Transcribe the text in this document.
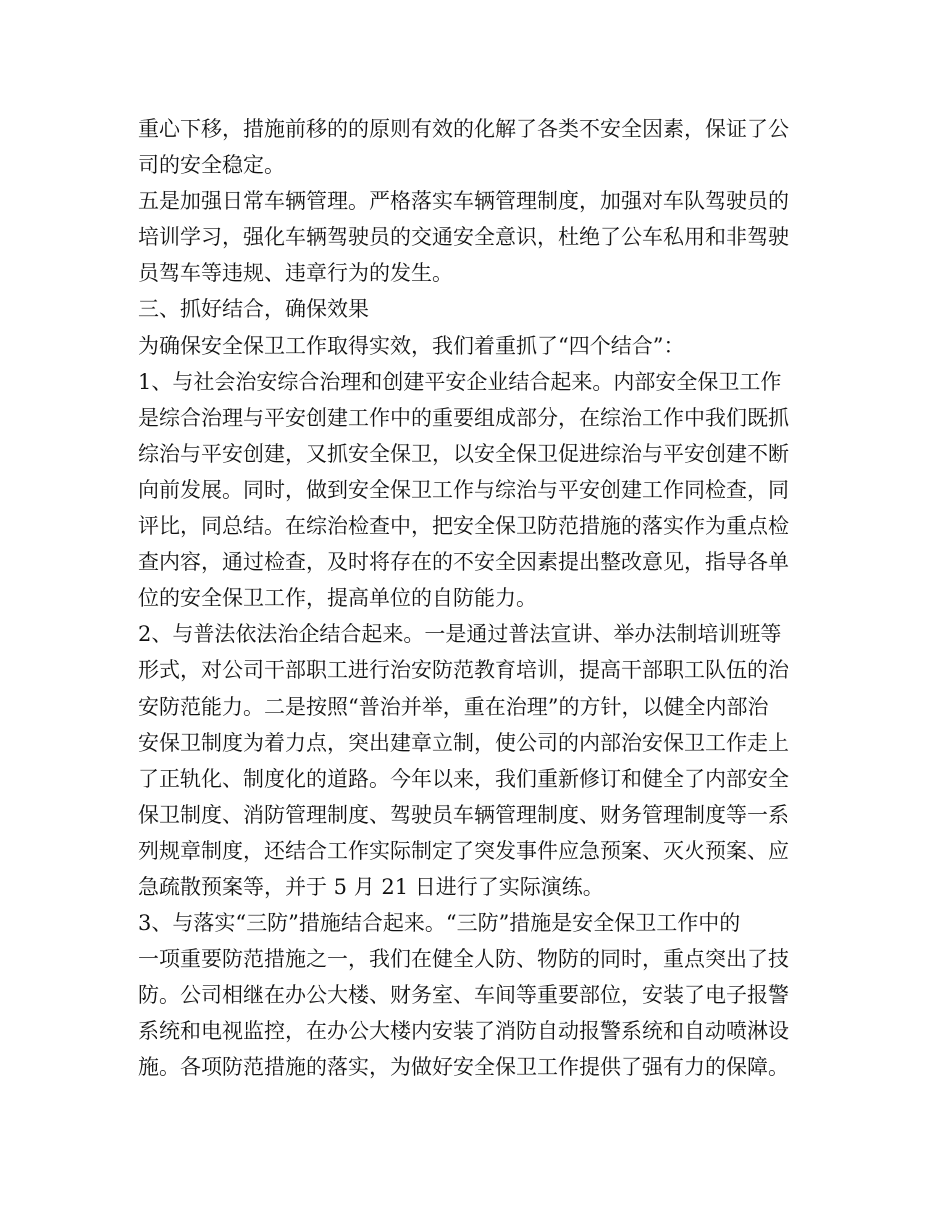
重心下移，措施前移的的原则有效的化解了各类不安全因素，保证了公
司的安全稳定。
五是加强日常车辆管理。严格落实车辆管理制度，加强对车队驾驶员的
培训学习，强化车辆驾驶员的交通安全意识，杜绝了公车私用和非驾驶
员驾车等违规、违章行为的发生。
三、抓好结合，确保效果
为确保安全保卫工作取得实效，我们着重抓了“四个结合”：
1、与社会治安综合治理和创建平安企业结合起来。内部安全保卫工作
是综合治理与平安创建工作中的重要组成部分，在综治工作中我们既抓
综治与平安创建，又抓安全保卫，以安全保卫促进综治与平安创建不断
向前发展。同时，做到安全保卫工作与综治与平安创建工作同检查，同
评比，同总结。在综治检查中，把安全保卫防范措施的落实作为重点检
查内容，通过检查，及时将存在的不安全因素提出整改意见，指导各单
位的安全保卫工作，提高单位的自防能力。
2、与普法依法治企结合起来。一是通过普法宣讲、举办法制培训班等
形式，对公司干部职工进行治安防范教育培训，提高干部职工队伍的治
安防范能力。二是按照“普治并举，重在治理”的方针，以健全内部治
安保卫制度为着力点，突出建章立制，使公司的内部治安保卫工作走上
了正轨化、制度化的道路。今年以来，我们重新修订和健全了内部安全
保卫制度、消防管理制度、驾驶员车辆管理制度、财务管理制度等一系
列规章制度，还结合工作实际制定了突发事件应急预案、灭火预案、应
急疏散预案等，并于 5 月 21 日进行了实际演练。
3、与落实“三防”措施结合起来。“三防”措施是安全保卫工作中的
一项重要防范措施之一，我们在健全人防、物防的同时，重点突出了技
防。公司相继在办公大楼、财务室、车间等重要部位，安装了电子报警
系统和电视监控，在办公大楼内安装了消防自动报警系统和自动喷淋设
施。各项防范措施的落实，为做好安全保卫工作提供了强有力的保障。
